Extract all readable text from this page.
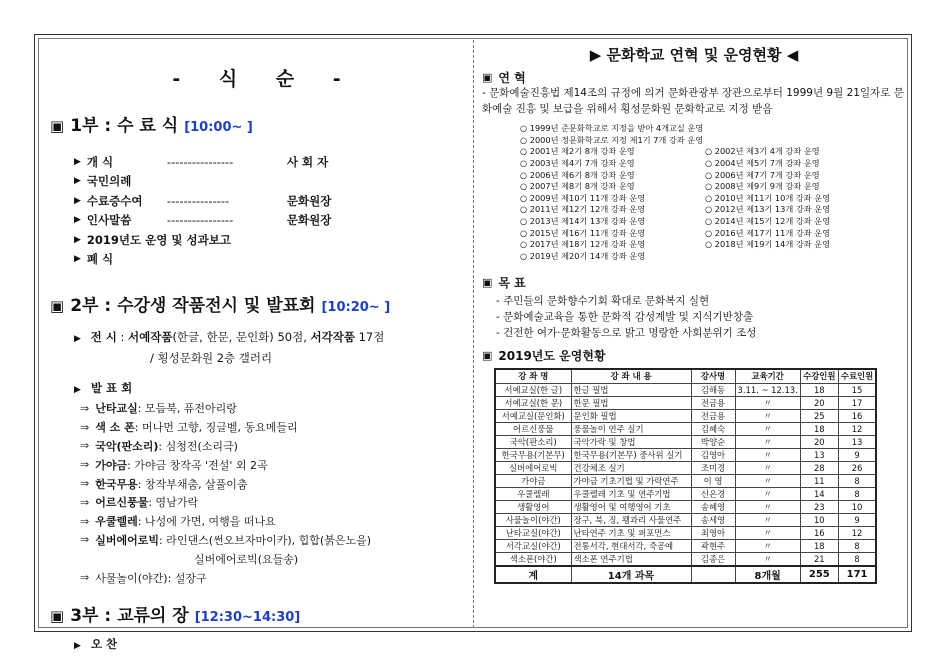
- 식 순 -
▣ 1부 : 수 료 식 [10:00~ ]
▶ 개 식	----------------	사 회 자
▶ 국민의례
▶ 수료증수여	---------------	문화원장
▶ 인사말씀	----------------	문화원장
▶ 2019년도 운영 및 성과보고
▶ 폐 식
▣ 2부 : 수강생 작품전시 및 발표회 [10:20~ ]
▶ 전 시 : 서예작품(한글, 한문, 문인화) 50점, 서각작품 17점
/ 횡성문화원 2층 갤러리
▶ 발 표 회
⇒ 난타교실 : 모듬북, 퓨전아리랑
⇒ 색 소 폰 : 머나먼 고향, 징글벨, 동요메들리
⇒ 국악(판소리) : 심청전(소리극)
⇒ 가야금 : 가야금 창작곡 '전설' 외 2곡
⇒ 한국무용 : 창작부채춤, 살풀이춤
⇒ 어르신풍물 : 영남가락
⇒ 우쿨렐레 : 나성에 가면, 여행을 떠나요
⇒ 실버에어로빅 : 라인댄스(썬오브자마이카), 힙합(붉은노을)
실버에어로빅(요들송)
⇒ 사물놀이(야간) : 설장구
▣ 3부 : 교류의 장 [12:30~14:30]
▶ 오 찬
▶ 문화학교 연혁 및 운영현황 ◀
▣ 연 혁
- 문화예술진흥법 제14조의 규정에 의거 문화관광부 장관으로부터 1999년 9월 21일자로 문화예술 진흥 및 보급을 위해서 횡성문화원 문화학교로 지정 받음
○ 1999년 준문화학교로 지정을 받아 4개교실 운영
○ 2000년 정문화학교로 지정 제1기 7개 강좌 운영
○ 2001년 제2기 8개 강좌 운영	○ 2002년 제3기 4개 강좌 운영
○ 2003년 제4기 7개 강좌 운영	○ 2004년 제5기 7개 강좌 운영
○ 2006년 제6기 8개 강좌 운영	○ 2006년 제7기 7개 강좌 운영
○ 2007년 제8기 8개 강좌 운영	○ 2008년 제9기 9개 강좌 운영
○ 2009년 제10기 11개 강좌 운영	○ 2010년 제11기 10개 강좌 운영
○ 2011년 제12기 12개 강좌 운영	○ 2012년 제13기 13개 강좌 운영
○ 2013년 제14기 13개 강좌 운영	○ 2014년 제15기 12개 강좌 운영
○ 2015년 제16기 11개 강좌 운영	○ 2016년 제17기 11개 강좌 운영
○ 2017년 제18기 12개 강좌 운영	○ 2018년 제19기 14개 강좌 운영
○ 2019년 제20기 14개 강좌 운영
▣ 목 표
- 주민들의 문화향수기회 확대로 문화복지 실현
- 문화예술교육을 통한 문화적 감성계발 및 지식기반창출
- 건전한 여가·문화활동으로 밝고 명랑한 사회분위기 조성
▣ 2019년도 운영현황
강 좌 명	강 좌 내 용	강사명	교육기간	수강인원	수료인원
서예교실(한 글)	한글 필법	김해동	3.11. ~ 12.13.	18	15
서예교실(한 문)	한문 필법	전금용	〃	20	17
서예교실(문인화)	문인화 필법	전금용	〃	25	16
어르신풍물	풍물놀이 연주 실기	김혜숙	〃	18	12
국악(판소리)	국악가락 및 창법	박양순	〃	20	13
한국무용(기본무)	한국무용(기본무) 중사위 실기	김영아	〃	13	9
실버에어로빅	건강체조 실기	조미경	〃	28	26
가야금	가야금 기초기법 및 가락연주	이 영	〃	11	8
우쿨렐레	우쿨렐레 기초 및 연주기법	신온경	〃	14	8
생활영어	생활영어 및 여행영어 기초	송혜영	〃	23	10
사물놀이(야간)	장구, 북, 징, 꽹과리 사물연주	송세영	〃	10	9
난타교실(야간)	난타연주 기초 및 퍼포먼스	최영아	〃	16	12
서각교실(야간)	전통서각, 현대서각, 죽공예	곽현주	〃	18	8
색소폰(야간)	색소폰 연주기법	김종은	〃	21	8
계	14개 과목		8개월	255	171
